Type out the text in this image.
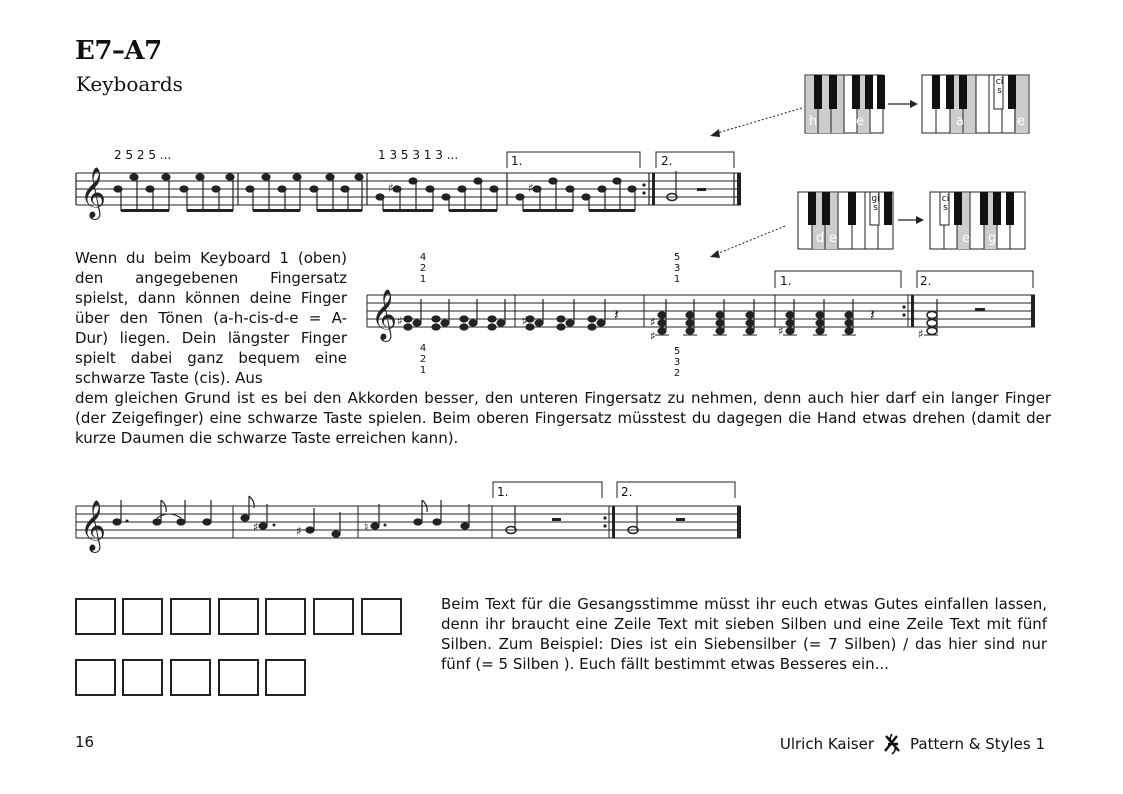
E7–A7
Keyboards
2 5 2 5 ...	1 3 5 3 1 3 ...	1.	2.
𝄞	♯	♯
h	e	a	e
cis
d e
gis
e g
cis
4
2
1
4
2
1
5
3
1
5
3
2
1.	2.
𝄞 ♯	♯	♯
♯	♯	♯
𝄽	𝄽
Wenn du beim Keyboard 1 (oben) den angegebenen Fingersatz spielst, dann können deine Finger über den Tönen (a-h-cis-d-e = A-Dur) liegen. Dein längster Finger spielt dabei ganz bequem eine schwarze Taste (cis). Aus
dem gleichen Grund ist es bei den Akkorden besser, den unteren Fingersatz zu nehmen, denn auch hier darf ein langer Finger (der Zeigefinger) eine schwarze Taste spielen. Beim oberen Fingersatz müsstest du dagegen die Hand etwas drehen (damit der kurze Daumen die schwarze Taste erreichen kann).
1.	2.
𝄞	♯	♯	♮
Beim Text für die Gesangsstimme müsst ihr euch etwas Gutes einfallen lassen, denn ihr braucht eine Zeile Text mit sieben Silben und eine Zeile Text mit fünf Silben. Zum Beispiel: Dies ist ein Siebensilber (= 7 Silben) / das hier sind nur fünf (= 5 Silben ). Euch fällt bestimmt etwas Besseres ein...
16	Ulrich Kaiser Pattern & Styles 1
